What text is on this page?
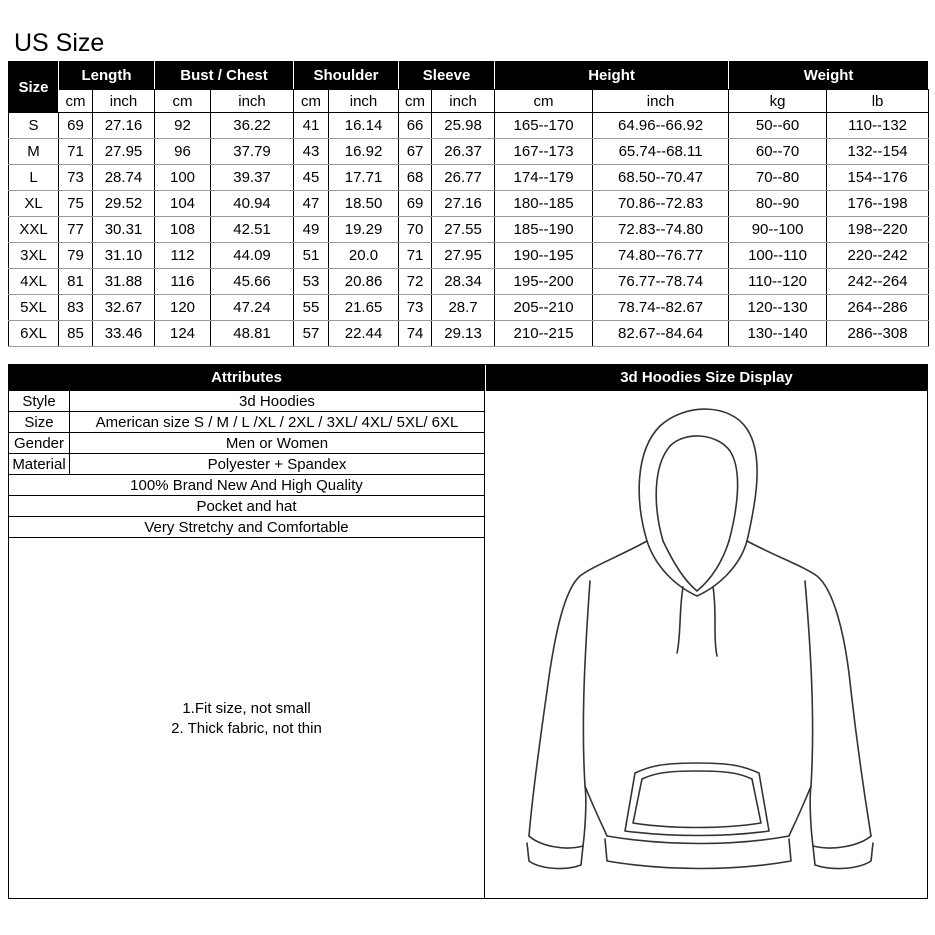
US Size
Size	Length		Bust / Chest		Shoulder		Sleeve		Height		Weight	
	cm	inch	cm	inch	cm	inch	cm	inch	cm	inch	kg	lb
S	69	27.16	92	36.22	41	16.14	66	25.98	165--170	64.96--66.92	50--60	110--132
M	71	27.95	96	37.79	43	16.92	67	26.37	167--173	65.74--68.11	60--70	132--154
L	73	28.74	100	39.37	45	17.71	68	26.77	174--179	68.50--70.47	70--80	154--176
XL	75	29.52	104	40.94	47	18.50	69	27.16	180--185	70.86--72.83	80--90	176--198
XXL	77	30.31	108	42.51	49	19.29	70	27.55	185--190	72.83--74.80	90--100	198--220
3XL	79	31.10	112	44.09	51	20.0	71	27.95	190--195	74.80--76.77	100--110	220--242
4XL	81	31.88	116	45.66	53	20.86	72	28.34	195--200	76.77--78.74	110--120	242--264
5XL	83	32.67	120	47.24	55	21.65	73	28.7	205--210	78.74--82.67	120--130	264--286
6XL	85	33.46	124	48.81	57	22.44	74	29.13	210--215	82.67--84.64	130--140	286--308
Attributes
Style	3d Hoodies
Size	American size S / M / L /XL / 2XL / 3XL/ 4XL/ 5XL/ 6XL
Gender	Men or Women
Material	Polyester + Spandex
100% Brand New And High Quality	
Pocket and hat	
Very Stretchy and Comfortable	
1.Fit size, not small
2. Thick fabric, not thin
3d Hoodies Size Display
